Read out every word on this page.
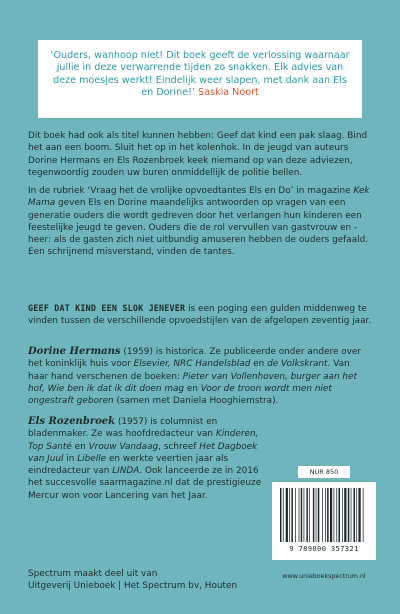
‘Ouders, wanhoop niet! Dit boek geeft de verlossing waarnaar jullie in deze verwarrende tijden zo snakken. Elk advies van deze moesjes werkt! Eindelijk weer slapen, met dank aan Els en Dorine!’ Saskia Noort
Dit boek had ook als titel kunnen hebben: Geef dat kind een pak slaag. Bind het aan een boom. Sluit het op in het kolenhok. In de jeugd van auteurs Dorine Hermans en Els Rozenbroek keek niemand op van deze adviezen, tegenwoordig zouden uw buren onmiddellijk de politie bellen.
In de rubriek ‘Vraag het de vrolijke opvoedtantes Els en Do’ in magazine Kek Mama geven Els en Dorine maandelijks antwoorden op vragen van een generatie ouders die wordt gedreven door het verlangen hun kinderen een feestelijke jeugd te geven. Ouders die de rol vervullen van gastvrouw en -heer: als de gasten zich niet uitbundig amuseren hebben de ouders gefaald. Een schrijnend misverstand, vinden de tantes.
GEEF DAT KIND EEN SLOK JENEVER is een poging een gulden middenweg te vinden tussen de verschillende opvoedstijlen van de afgelopen zeventig jaar.
Dorine Hermans (1959) is historica. Ze publiceerde onder andere over het koninklijk huis voor Elsevier, NRC Handelsblad en de Volkskrant. Van haar hand verschenen de boeken: Pieter van Vollenhoven, burger aan het hof, Wie ben ik dat ik dit doen mag en Voor de troon wordt men niet ongestraft geboren (samen met Daniela Hooghiemstra).
Els Rozenbroek (1957) is columnist en bladenmaker. Ze was hoofdredacteur van Kinderen, Top Santé en Vrouw Vandaag, schreef Het Dagboek van Juul in Libelle en werkte veertien jaar als eindredacteur van LINDA. Ook lanceerde ze in 2016 het succesvolle saarmagazine.nl dat de prestigieuze Mercur won voor Lancering van het Jaar.
NUR 850
9 789000 357321
www.unieboekspectrum.nl
Spectrum maakt deel uit van
Uitgeverij Unieboek | Het Spectrum bv, Houten
